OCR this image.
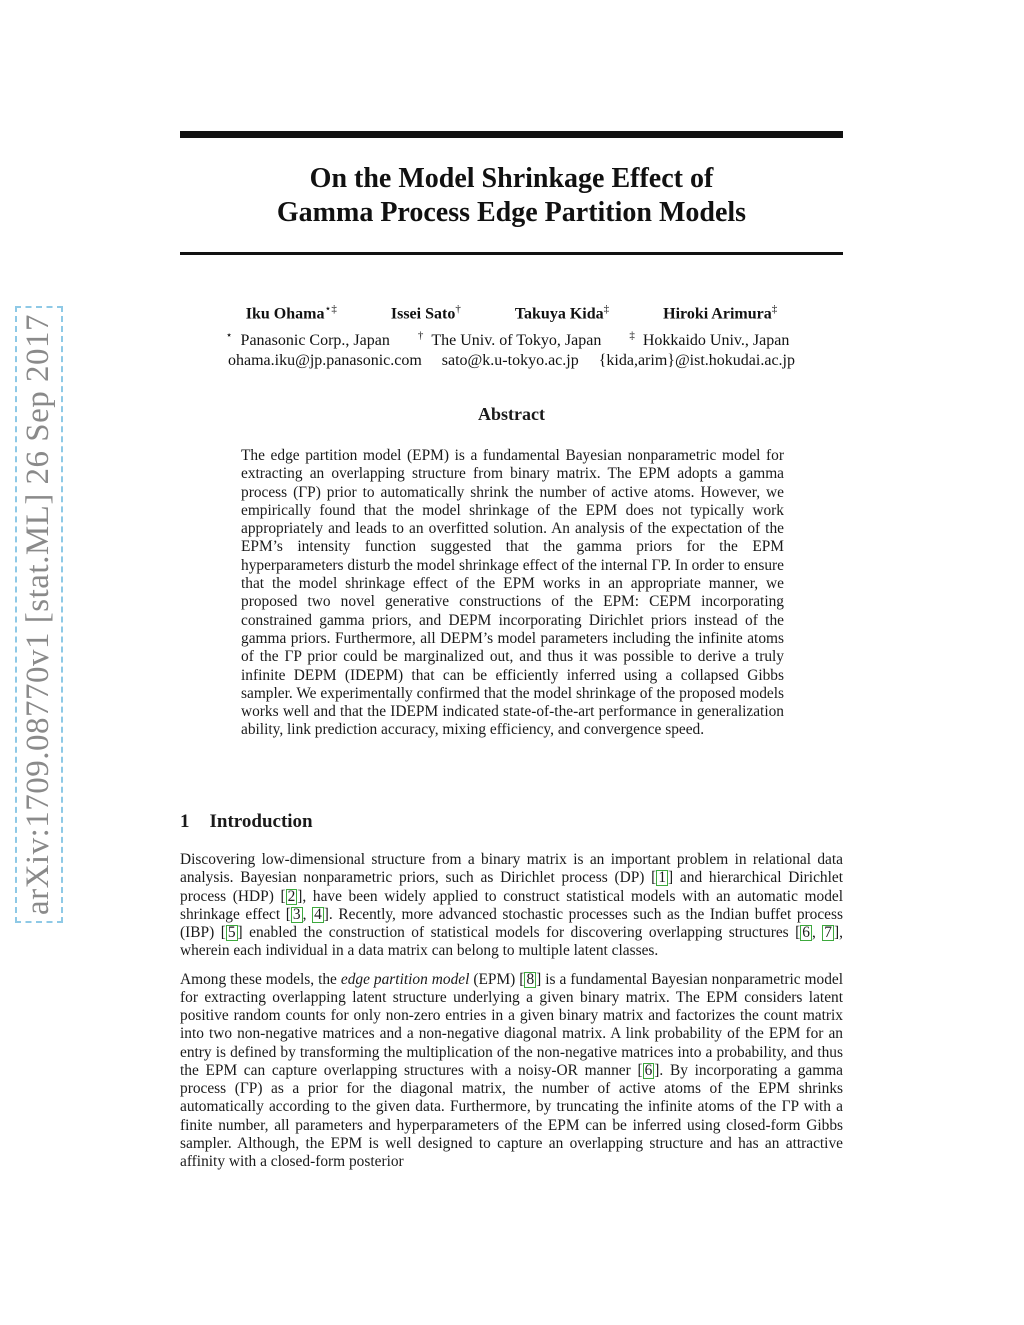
arXiv:1709.08770v1 [stat.ML] 26 Sep 2017
On the Model Shrinkage Effect of
Gamma Process Edge Partition Models
Iku Ohama⋆‡	Issei Sato†	Takuya Kida‡	Hiroki Arimura‡
⋆ Panasonic Corp., Japan	† The Univ. of Tokyo, Japan	‡ Hokkaido Univ., Japan
ohama.iku@jp.panasonic.com sato@k.u-tokyo.ac.jp {kida,arim}@ist.hokudai.ac.jp
Abstract
The edge partition model (EPM) is a fundamental Bayesian nonparametric model for extracting an overlapping structure from binary matrix. The EPM adopts a gamma process (ΓP) prior to automatically shrink the number of active atoms. However, we empirically found that the model shrinkage of the EPM does not typically work appropriately and leads to an overfitted solution. An analysis of the expectation of the EPM’s intensity function suggested that the gamma priors for the EPM hyperparameters disturb the model shrinkage effect of the internal ΓP. In order to ensure that the model shrinkage effect of the EPM works in an appropriate manner, we proposed two novel generative constructions of the EPM: CEPM incorporating constrained gamma priors, and DEPM incorporating Dirichlet priors instead of the gamma priors. Furthermore, all DEPM’s model parameters including the infinite atoms of the ΓP prior could be marginalized out, and thus it was possible to derive a truly infinite DEPM (IDEPM) that can be efficiently inferred using a collapsed Gibbs sampler. We experimentally confirmed that the model shrinkage of the proposed models works well and that the IDEPM indicated state-of-the-art performance in generalization ability, link prediction accuracy, mixing efficiency, and convergence speed.
1 Introduction

Discovering low-dimensional structure from a binary matrix is an important problem in relational data analysis. Bayesian nonparametric priors, such as Dirichlet process (DP) [ 1 ] and hierarchical Dirichlet process (HDP) [ 2 ], have been widely applied to construct statistical models with an automatic model shrinkage effect [ 3 , 4 ]. Recently, more advanced stochastic processes such as the Indian buffet process (IBP) [ 5 ] enabled the construction of statistical models for discovering overlapping structures [ 6 , 7 ], wherein each individual in a data matrix can belong to multiple latent classes.

Among these models, the edge partition model (EPM) [ 8 ] is a fundamental Bayesian nonparametric model for extracting overlapping latent structure underlying a given binary matrix. The EPM considers latent positive random counts for only non-zero entries in a given binary matrix and factorizes the count matrix into two non-negative matrices and a non-negative diagonal matrix. A link probability of the EPM for an entry is defined by transforming the multiplication of the non-negative matrices into a probability, and thus the EPM can capture overlapping structures with a noisy-OR manner [ 6 ]. By incorporating a gamma process (ΓP) as a prior for the diagonal matrix, the number of active atoms of the EPM shrinks automatically according to the given data. Furthermore, by truncating the infinite atoms of the ΓP with a finite number, all parameters and hyperparameters of the EPM can be inferred using closed-form Gibbs sampler. Although, the EPM is well designed to capture an overlapping structure and has an attractive affinity with a closed-form posterior
